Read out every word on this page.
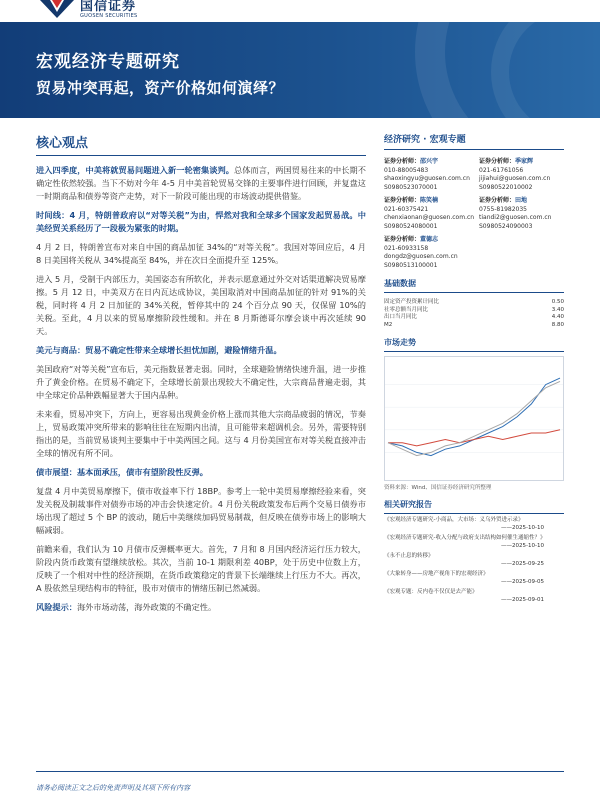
国信证券
GUOSEN SECURITIES
宏观经济专题研究
贸易冲突再起，资产价格如何演绎？
核心观点

进入四季度，中美将就贸易问题进入新一轮密集谈判。总体而言，两国贸易往来的中长期不确定性依然较强。当下不妨对今年 4-5 月中美首轮贸易交锋的主要事件进行回顾，并复盘这一时期商品和债券等资产走势，对下一阶段可能出现的市场波动提供借鉴。

时间线：4 月，特朗普政府以“对等关税”为由，悍然对我和全球多个国家发起贸易战。中美经贸关系经历了一段极为紧张的时期。

4 月 2 日，特朗普宣布对来自中国的商品加征 34%的“对等关税”。我国对等回应后，4 月 8 日美国将关税从 34%提高至 84%，并在次日全面提升至 125%。

进入 5 月，受制于内部压力，美国姿态有所软化，并表示愿意通过外交对话渠道解决贸易摩擦。5 月 12 日，中美双方在日内瓦达成协议，美国取消对中国商品加征的针对 91%的关税，同时将 4 月 2 日加征的 34%关税，暂停其中的 24 个百分点 90 天，仅保留 10%的关税。至此，4 月以来的贸易摩擦阶段性缓和。并在 8 月斯德哥尔摩会谈中再次延续 90 天。

美元与商品：贸易不确定性带来全球增长担忧加剧，避险情绪升温。

美国政府“对等关税”宣布后，美元指数显著走弱。同时，全球避险情绪快速升温，进一步推升了黄金价格。在贸易不确定下，全球增长前景出现较大不确定性，大宗商品普遍走弱，其中全球定价品种跌幅显著大于国内品种。

未来看，贸易冲突下，方向上，更容易出现黄金价格上涨而其他大宗商品疲弱的情况，节奏上，贸易政策冲突所带来的影响往往在短期内出清，且可能带来超调机会。另外，需要特别指出的是，当前贸易谈判主要集中于中美两国之间。这与 4 月份美国宣布对等关税直接冲击全球的情况有所不同。

债市展望：基本面承压，债市有望阶段性反弹。

复盘 4 月中美贸易摩擦下，债市收益率下行 18BP。参考上一轮中美贸易摩擦经验来看，突发关税及制裁事件对债券市场的冲击会快速定价。4 月份关税政策发布后两个交易日债券市场出现了超过 5 个 BP 的波动，随后中美继续加码贸易制裁，但反映在债券市场上的影响大幅减弱。

前瞻来看，我们认为 10 月债市反弹概率更大。首先，7 月和 8 月国内经济运行压力较大，阶段内货币政策有望继续放松。其次，当前 10-1 期限利差 40BP，处于历史中位数上方，反映了一个相对中性的经济预期，在货币政策稳定的背景下长端继续上行压力不大。再次，A 股依然呈现结构市的特征，股市对债市的情绪压制已然减弱。

风险提示：海外市场动荡，海外政策的不确定性。

经济研究 · 宏观专题
证券分析师：邵兴宇
010-88005483
shaoxingyu@guosen.com.cn
S0980523070001
证券分析师：季家辉
021-61761056
jijiahui@guosen.com.cn
S0980522010002
证券分析师：陈笑楠
021-60375421
chenxiaonan@guosen.com.cn
S0980524080001
证券分析师：田地
0755-81982035
tiandi2@guosen.com.cn
S0980524090003
证券分析师：董德志
021-60933158
dongdz@guosen.com.cn
S0980513100001
基础数据
固定资产投资累计同比	0.50
社零总额当月同比	3.40
出口当月同比	4.40
M2	8.80
市场走势
资料来源：Wind、国信证券经济研究所整理
相关研究报告
《宏观经济专题研究-小商品，大市场：义乌外贸进示录》
——2025-10-10
《宏观经济专题研究-收入分配与政府支出结构如何催生通缩性？》
——2025-10-10
《永不止息的转移》
——2025-09-25
《大象转身——房地产视角下的宏观经济》
——2025-09-05
《宏观专题：反内卷不仅仅是去产能》
——2025-09-01
请务必阅读正文之后的免责声明及其项下所有内容
